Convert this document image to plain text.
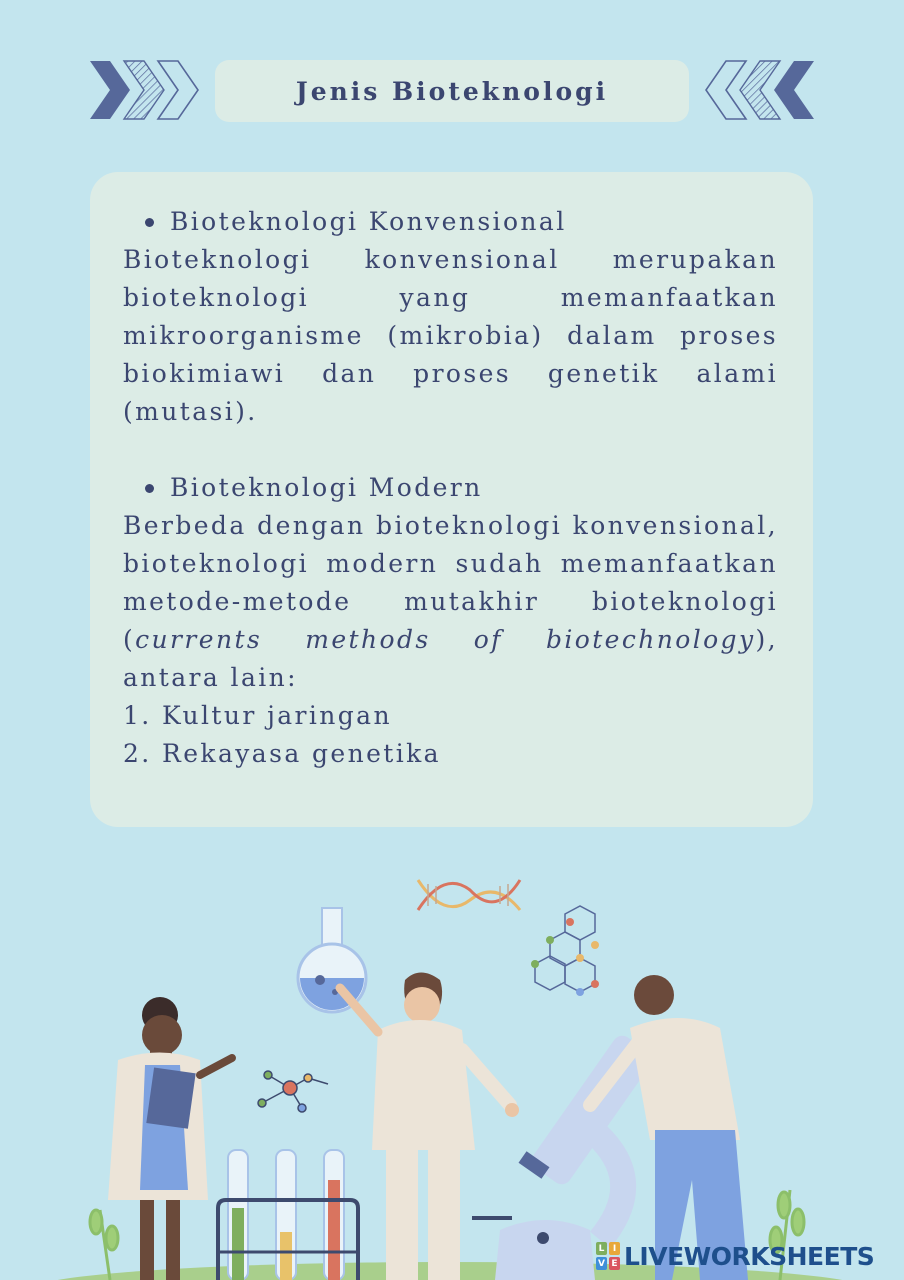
Jenis Bioteknologi
Bioteknologi Konvensional

Bioteknologi konvensional merupakan bioteknologi yang memanfaatkan mikroorganisme (mikrobia) dalam proses biokimiawi dan proses genetik alami (mutasi).

Bioteknologi Modern

Berbeda dengan bioteknologi konvensional, bioteknologi modern sudah memanfaatkan metode-metode mutakhir bioteknologi (currents methods of biotechnology), antara lain:

1. Kultur jaringan

2. Rekayasa genetika

L I
V E LIVEWORKSHEETS
